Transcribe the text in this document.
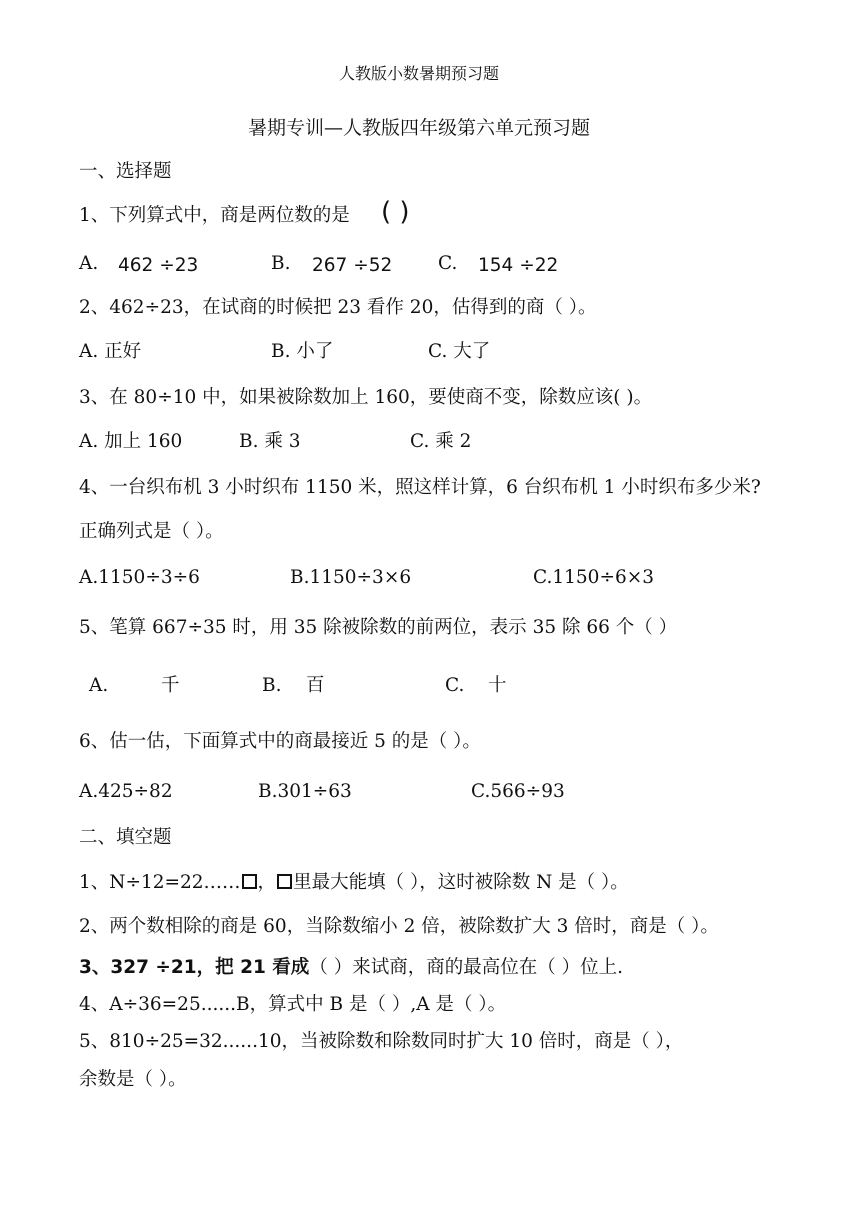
人教版小数暑期预习题
暑期专训—人教版四年级第六单元预习题
一、选择题
1、下列算式中，商是两位数的是 ( )
A. 462 ÷23	B. 267 ÷52 C. 154 ÷22
2、462÷23，在试商的时候把 23 看作 20，估得到的商（ ）。
A. 正好	B. 小了	C. 大了
3、在 80÷10 中，如果被除数加上 160，要使商不变，除数应该( )。
A. 加上 160	B. 乘 3	C. 乘 2
4、一台织布机 3 小时织布 1150 米，照这样计算，6 台织布机 1 小时织布多少米?
正确列式是（ ）。
A.1150÷3÷6	B.1150÷3×6	C.1150÷6×3
5、笔算 667÷35 时，用 35 除被除数的前两位，表示 35 除 66 个（ ）
A.	千	B. 百	C. 十
6、估一估，下面算式中的商最接近 5 的是（ ）。
A.425÷82	B.301÷63	C.566÷93
二、填空题
1、N÷12=22…… ， 里最大能填（ ），这时被除数 N 是（ ）。
2、两个数相除的商是 60，当除数缩小 2 倍，被除数扩大 3 倍时，商是（ ）。
3、327 ÷21，把 21 看成（ ）来试商，商的最高位在（ ）位上.
4、A÷36=25......B，算式中 B 是（ ）,A 是（ ）。
5、810÷25=32......10，当被除数和除数同时扩大 10 倍时，商是（ ），
余数是（ ）。
